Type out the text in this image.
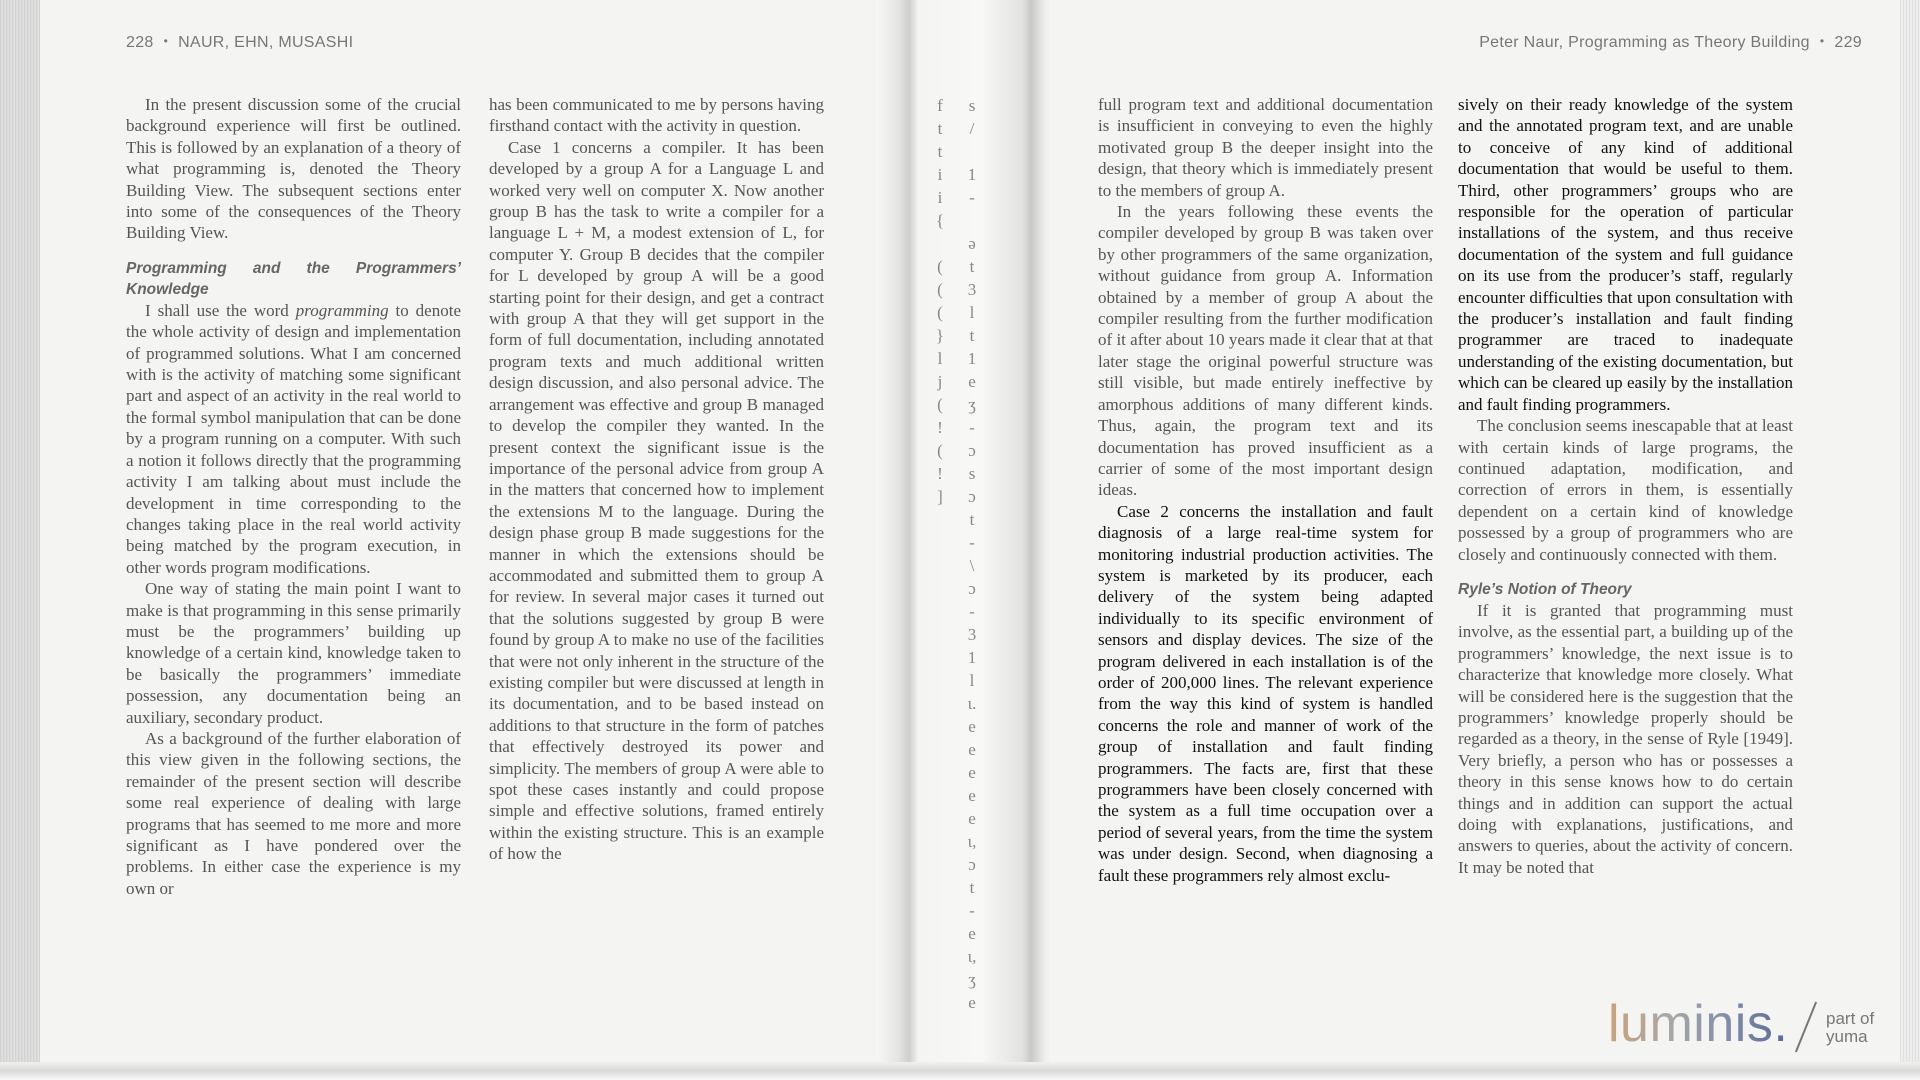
228 • NAUR, EHN, MUSASHI

In the present discussion some of the crucial background experience will first be outlined. This is followed by an explanation of a theory of what programming is, denoted the Theory Building View. The subsequent sections enter into some of the consequences of the Theory Building View.

Programming and the Programmers’ Knowledge

I shall use the word programming to denote the whole activity of design and implementation of programmed solutions. What I am concerned with is the activity of matching some significant part and aspect of an activity in the real world to the formal symbol manipulation that can be done by a program running on a computer. With such a notion it follows directly that the programming activity I am talking about must include the development in time corresponding to the changes taking place in the real world activity being matched by the program execution, in other words program modifications.

One way of stating the main point I want to make is that programming in this sense primarily must be the programmers’ building up knowledge of a certain kind, knowledge taken to be basically the programmers’ immediate possession, any documentation being an auxiliary, secondary product.

As a background of the further elaboration of this view given in the following sections, the remainder of the present section will describe some real experience of dealing with large programs that has seemed to me more and more significant as I have pondered over the problems. In either case the experience is my own or

has been communicated to me by persons having firsthand contact with the activity in question.

Case 1 concerns a compiler. It has been developed by a group A for a Language L and worked very well on computer X. Now another group B has the task to write a compiler for a language L + M, a modest extension of L, for computer Y. Group B decides that the compiler for L developed by group A will be a good starting point for their design, and get a contract with group A that they will get support in the form of full documentation, including annotated program texts and much additional written design discussion, and also personal advice. The arrangement was effective and group B managed to develop the compiler they wanted. In the present context the significant issue is the importance of the personal advice from group A in the matters that concerned how to implement the extensions M to the language. During the design phase group B made suggestions for the manner in which the extensions should be accommodated and submitted them to group A for review. In several major cases it turned out that the solutions suggested by group B were found by group A to make no use of the facilities that were not only inherent in the structure of the existing compiler but were discussed at length in its documentation, and to be based instead on additions to that structure in the form of patches that effectively destroyed its power and simplicity. The members of group A were able to spot these cases instantly and could propose simple and effective solutions, framed entirely within the existing structure. This is an example of how the

f
t
t
i
i
{

(
(
(
}
l
j
(
!
(
!
]
s
/

1
-

ə
t
3
l
t
1
e
ʒ
-
ɔ
s
ɔ
t
-
\
ɔ
-
3
1
l
ɩ.
e
e
e
e
e
ι,
ɔ
t
-
e
ɩ,
ʒ
e
Peter Naur, Programming as Theory Building • 229

full program text and additional documentation is insufficient in conveying to even the highly motivated group B the deeper insight into the design, that theory which is immediately present to the members of group A.

In the years following these events the compiler developed by group B was taken over by other programmers of the same organization, without guidance from group A. Information obtained by a member of group A about the compiler resulting from the further modification of it after about 10 years made it clear that at that later stage the original powerful structure was still visible, but made entirely ineffective by amorphous additions of many different kinds. Thus, again, the program text and its documentation has proved insufficient as a carrier of some of the most important design ideas.

Case 2 concerns the installation and fault diagnosis of a large real-time system for monitoring industrial production activities. The system is marketed by its producer, each delivery of the system being adapted individually to its specific environment of sensors and display devices. The size of the program delivered in each installation is of the order of 200,000 lines. The relevant experience from the way this kind of system is handled concerns the role and manner of work of the group of installation and fault finding programmers. The facts are, first that these programmers have been closely concerned with the system as a full time occupation over a period of several years, from the time the system was under design. Second, when diagnosing a fault these programmers rely almost exclu-

sively on their ready knowledge of the system and the annotated program text, and are unable to conceive of any kind of additional documentation that would be useful to them. Third, other programmers’ groups who are responsible for the operation of particular installations of the system, and thus receive documentation of the system and full guidance on its use from the producer’s staff, regularly encounter difficulties that upon consultation with the producer’s installation and fault finding programmer are traced to inadequate understanding of the existing documentation, but which can be cleared up easily by the installation and fault finding programmers.

The conclusion seems inescapable that at least with certain kinds of large programs, the continued adaptation, modification, and correction of errors in them, is essentially dependent on a certain kind of knowledge possessed by a group of programmers who are closely and continuously connected with them.

Ryle’s Notion of Theory

If it is granted that programming must involve, as the essential part, a building up of the programmers’ knowledge, the next issue is to characterize that knowledge more closely. What will be considered here is the suggestion that the programmers’ knowledge properly should be regarded as a theory, in the sense of Ryle [1949]. Very briefly, a person who has or possesses a theory in this sense knows how to do certain things and in addition can support the actual doing with explanations, justifications, and answers to queries, about the activity of concern. It may be noted that

luminis. part of
yuma
